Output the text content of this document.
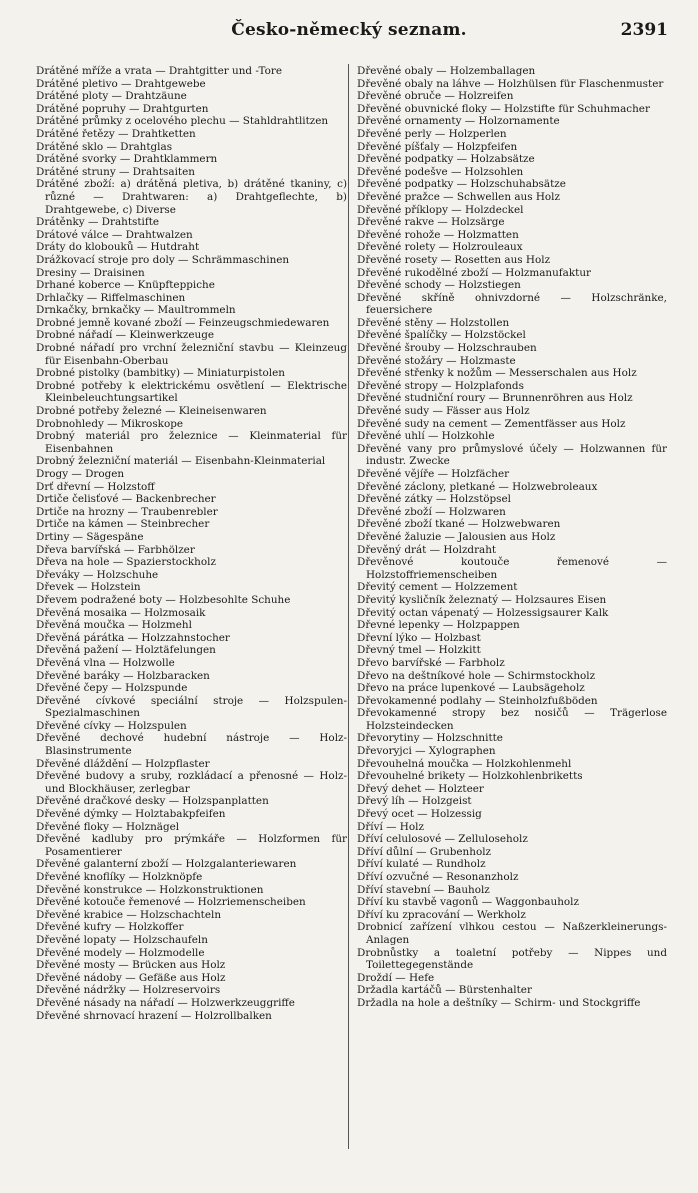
Česko-německý seznam.	2391
Drátěné mříže a vrata — Drahtgitter und -Tore
Drátěné pletivo — Drahtgewebe
Drátěné ploty — Drahtzäune
Drátěné popruhy — Drahtgurten
Drátěné průmky z ocelového plechu — Stahldrahtlitzen
Drátěné řetězy — Drahtketten
Drátěné sklo — Drahtglas
Drátěné svorky — Drahtklammern
Drátěné struny — Drahtsaiten
Drátěné zboží: a) drátěná pletiva, b) drátěné tkaniny, c) různé — Drahtwaren: a) Drahtgeflechte, b) Drahtgewebe, c) Diverse
Drátěnky — Drahtstifte
Drátové válce — Drahtwalzen
Dráty do klobouků — Hutdraht
Drážkovací stroje pro doly — Schrämmaschinen
Dresiny — Draisinen
Drhané koberce — Knüpfteppiche
Drhlačky — Riffelmaschinen
Drnkačky, brnkačky — Maultrommeln
Drobné jemně kované zboží — Feinzeugschmiedewaren
Drobné nářadí — Kleinwerkzeuge
Drobné nářadí pro vrchní železniční stavbu — Kleinzeug für Eisenbahn-Oberbau
Drobné pistolky (bambitky) — Miniaturpistolen
Drobné potřeby k elektrickému osvětlení — Elektrische Kleinbeleuchtungsartikel
Drobné potřeby železné — Kleineisenwaren
Drobnohledy — Mikroskope
Drobný materiál pro železnice — Kleinmaterial für Eisenbahnen
Drobný železniční materiál — Eisenbahn-Kleinmaterial
Drogy — Drogen
Drť dřevní — Holzstoff
Drtiče čelisťové — Backenbrecher
Drtiče na hrozny — Traubenrebler
Drtiče na kámen — Steinbrecher
Drtiny — Sägespäne
Dřeva barvířská — Farbhölzer
Dřeva na hole — Spazierstockholz
Dřeváky — Holzschuhe
Dřevek — Holzstein
Dřevem podražené boty — Holzbesohlte Schuhe
Dřevěná mosaika — Holzmosaik
Dřevěná moučka — Holzmehl
Dřevěná párátka — Holzzahnstocher
Dřevěná pažení — Holztäfelungen
Dřevěná vlna — Holzwolle
Dřevěné baráky — Holzbaracken
Dřevěné čepy — Holzspunde
Dřevěné cívkové speciální stroje — Holzspulen-Spezialmaschinen
Dřevěné cívky — Holzspulen
Dřevěné dechové hudební nástroje — Holz-Blasinstrumente
Dřevěné dláždění — Holzpflaster
Dřevěné budovy a sruby, rozkládací a přenosné — Holz- und Blockhäuser, zerlegbar
Dřevěné dračkové desky — Holzspanplatten
Dřevěné dýmky — Holztabakpfeifen
Dřevěné floky — Holznägel
Dřevěné kadluby pro prýmkáře — Holzformen für Posamentierer
Dřevěné galanterní zboží — Holzgalanteriewaren
Dřevěné knoflíky — Holzknöpfe
Dřevěné konstrukce — Holzkonstruktionen
Dřevěné kotouče řemenové — Holzriemenscheiben
Dřevěné krabice — Holzschachteln
Dřevěné kufry — Holzkoffer
Dřevěné lopaty — Holzschaufeln
Dřevěné modely — Holzmodelle
Dřevěné mosty — Brücken aus Holz
Dřevěné nádoby — Gefäße aus Holz
Dřevěné nádržky — Holzreservoirs
Dřevěné násady na nářadí — Holzwerkzeuggriffe
Dřevěné shrnovací hrazení — Holzrollbalken
Dřevěné obaly — Holzemballagen
Dřevěné obaly na láhve — Holzhülsen für Flaschenmuster
Dřevěné obruče — Holzreifen
Dřevěné obuvnické floky — Holzstifte für Schuhmacher
Dřevěné ornamenty — Holzornamente
Dřevěné perly — Holzperlen
Dřevěné píšťaly — Holzpfeifen
Dřevěné podpatky — Holzabsätze
Dřevěné podešve — Holzsohlen
Dřevěné podpatky — Holzschuhabsätze
Dřevěné pražce — Schwellen aus Holz
Dřevěné příklopy — Holzdeckel
Dřevěné rakve — Holzsärge
Dřevěné rohože — Holzmatten
Dřevěné rolety — Holzrouleaux
Dřevěné rosety — Rosetten aus Holz
Dřevěné rukodělné zboží — Holzmanufaktur
Dřevěné schody — Holzstiegen
Dřevěné skříně ohnivzdorné — Holzschränke, feuersichere
Dřevěné stěny — Holzstollen
Dřevěné špalíčky — Holzstöckel
Dřevěné šrouby — Holzschrauben
Dřevěné stožáry — Holzmaste
Dřevěné střenky k nožům — Messerschalen aus Holz
Dřevěné stropy — Holzplafonds
Dřevěné studniční roury — Brunnenröhren aus Holz
Dřevěné sudy — Fässer aus Holz
Dřevěné sudy na cement — Zementfässer aus Holz
Dřevěné uhlí — Holzkohle
Dřevěné vany pro průmyslové účely — Holzwannen für industr. Zwecke
Dřevěné vějíře — Holzfächer
Dřevěné záclony, pletkané — Holzwebroleaux
Dřevěné zátky — Holzstöpsel
Dřevěné zboží — Holzwaren
Dřevěné zboží tkané — Holzwebwaren
Dřevěné žaluzie — Jalousien aus Holz
Dřevěný drát — Holzdraht
Dřevěnové koutouče řemenové — Holzstoffriemenscheiben
Dřevitý cement — Holzzement
Dřevitý kysličník železnatý — Holzsaures Eisen
Dřevitý octan vápenatý — Holzessigsaurer Kalk
Dřevné lepenky — Holzpappen
Dřevní lýko — Holzbast
Dřevný tmel — Holzkitt
Dřevo barvířské — Farbholz
Dřevo na deštníkové hole — Schirmstockholz
Dřevo na práce lupenkové — Laubsägeholz
Dřevokamenné podlahy — Steinholzfußböden
Dřevokamenné stropy bez nosičů — Trägerlose Holzsteindecken
Dřevorytiny — Holzschnitte
Dřevoryjci — Xylographen
Dřevouhelná moučka — Holzkohlenmehl
Dřevouhelné brikety — Holzkohlenbriketts
Dřevý dehet — Holzteer
Dřevý líh — Holzgeist
Dřevý ocet — Holzessig
Dříví — Holz
Dříví celulosové — Zelluloseholz
Dříví důlní — Grubenholz
Dříví kulaté — Rundholz
Dříví ozvučné — Resonanzholz
Dříví stavební — Bauholz
Dříví ku stavbě vagonů — Waggonbauholz
Dříví ku zpracování — Werkholz
Drobnicí zařízení vlhkou cestou — Naßzerkleinerungs-Anlagen
Drobnůstky a toaletní potřeby — Nippes und Toilettegegenstände
Droždí — Hefe
Držadla kartáčů — Bürstenhalter
Držadla na hole a deštníky — Schirm- und Stockgriffe
